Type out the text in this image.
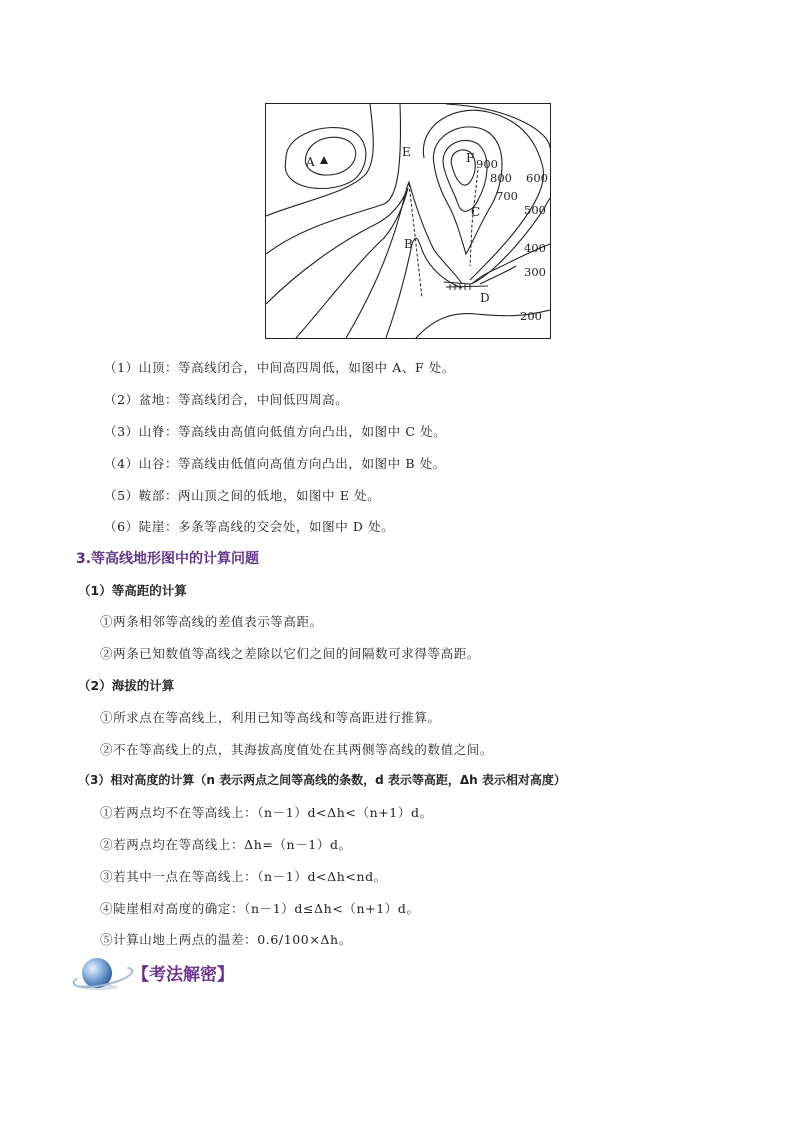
A
E	F
C
B
D
900
800
700
600
500
400
300
200
（1）山顶：等高线闭合，中间高四周低，如图中 A、F 处。
（2）盆地：等高线闭合，中间低四周高。
（3）山脊：等高线由高值向低值方向凸出，如图中 C 处。
（4）山谷：等高线由低值向高值方向凸出，如图中 B 处。
（5）鞍部：两山顶之间的低地，如图中 E 处。
（6）陡崖：多条等高线的交会处，如图中 D 处。
3.等高线地形图中的计算问题
（1）等高距的计算
①两条相邻等高线的差值表示等高距。
②两条已知数值等高线之差除以它们之间的间隔数可求得等高距。
（2）海拔的计算
①所求点在等高线上，利用已知等高线和等高距进行推算。
②不在等高线上的点，其海拔高度值处在其两侧等高线的数值之间。
（3）相对高度的计算（n 表示两点之间等高线的条数，d 表示等高距，Δh 表示相对高度）
①若两点均不在等高线上：（n－1）d<Δh<（n+1）d。
②若两点均在等高线上：Δh=（n－1）d。
③若其中一点在等高线上：（n－1）d<Δh<nd。
④陡崖相对高度的确定：（n－1）d≤Δh<（n+1）d。
⑤计算山地上两点的温差：0.6/100×Δh。
【考法解密】
